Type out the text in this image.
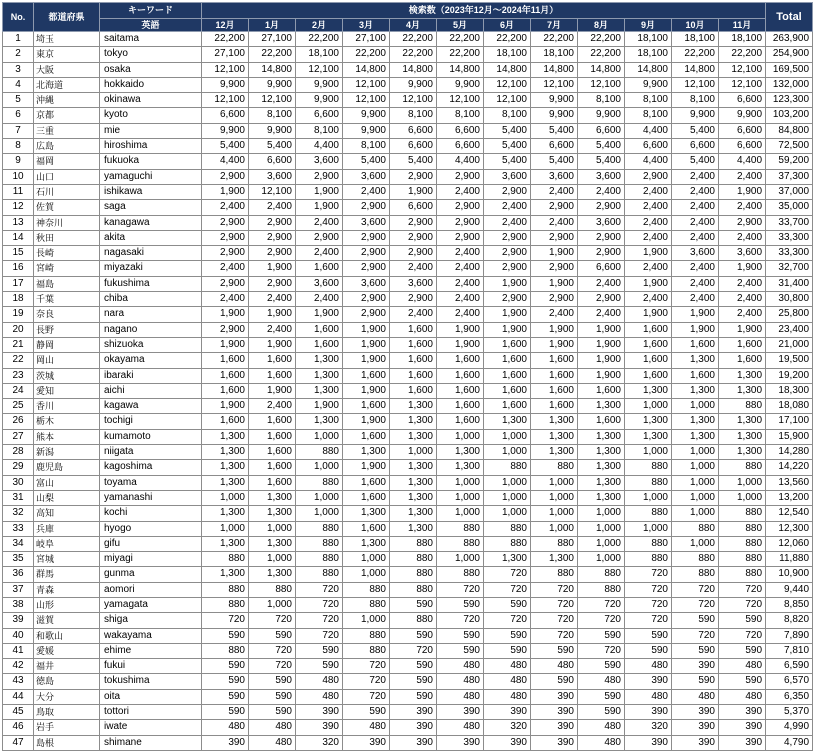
No.	都道府県	キーワード	検索数（2023年12月～2024年11月）												Total
		英語	12月	1月	2月	3月	4月	5月	6月	7月	8月	9月	10月	11月	
1	埼玉	saitama	22,200	27,100	22,200	27,100	22,200	22,200	22,200	22,200	22,200	18,100	18,100	18,100	263,900
2	東京	tokyo	27,100	22,200	18,100	22,200	22,200	22,200	18,100	18,100	22,200	18,100	22,200	22,200	254,900
3	大阪	osaka	12,100	14,800	12,100	14,800	14,800	14,800	14,800	14,800	14,800	14,800	14,800	12,100	169,500
4	北海道	hokkaido	9,900	9,900	9,900	12,100	9,900	9,900	12,100	12,100	12,100	9,900	12,100	12,100	132,000
5	沖縄	okinawa	12,100	12,100	9,900	12,100	12,100	12,100	12,100	9,900	8,100	8,100	8,100	6,600	123,300
6	京都	kyoto	6,600	8,100	6,600	9,900	8,100	8,100	8,100	9,900	9,900	8,100	9,900	9,900	103,200
7	三重	mie	9,900	9,900	8,100	9,900	6,600	6,600	5,400	5,400	6,600	4,400	5,400	6,600	84,800
8	広島	hiroshima	5,400	5,400	4,400	8,100	6,600	6,600	5,400	6,600	5,400	6,600	6,600	6,600	72,500
9	福岡	fukuoka	4,400	6,600	3,600	5,400	5,400	4,400	5,400	5,400	5,400	4,400	5,400	4,400	59,200
10	山口	yamaguchi	2,900	3,600	2,900	3,600	2,900	2,900	3,600	3,600	3,600	2,900	2,400	2,400	37,300
11	石川	ishikawa	1,900	12,100	1,900	2,400	1,900	2,400	2,900	2,400	2,400	2,400	2,400	1,900	37,000
12	佐賀	saga	2,400	2,400	1,900	2,900	6,600	2,900	2,400	2,900	2,900	2,400	2,400	2,400	35,000
13	神奈川	kanagawa	2,900	2,900	2,400	3,600	2,900	2,900	2,400	2,400	3,600	2,400	2,400	2,900	33,700
14	秋田	akita	2,900	2,900	2,900	2,900	2,900	2,900	2,900	2,900	2,900	2,400	2,400	2,400	33,300
15	長崎	nagasaki	2,900	2,900	2,400	2,900	2,900	2,400	2,900	1,900	2,900	1,900	3,600	3,600	33,300
16	宮崎	miyazaki	2,400	1,900	1,600	2,900	2,400	2,400	2,900	2,900	6,600	2,400	2,400	1,900	32,700
17	福島	fukushima	2,900	2,900	3,600	3,600	3,600	2,400	1,900	1,900	2,400	1,900	2,400	2,400	31,400
18	千葉	chiba	2,400	2,400	2,400	2,900	2,900	2,400	2,900	2,900	2,900	2,400	2,400	2,400	30,800
19	奈良	nara	1,900	1,900	1,900	2,900	2,400	2,400	1,900	2,400	2,400	1,900	1,900	2,400	25,800
20	長野	nagano	2,900	2,400	1,600	1,900	1,600	1,900	1,900	1,900	1,900	1,600	1,900	1,900	23,400
21	静岡	shizuoka	1,900	1,900	1,600	1,900	1,600	1,900	1,600	1,900	1,900	1,600	1,600	1,600	21,000
22	岡山	okayama	1,600	1,600	1,300	1,900	1,600	1,600	1,600	1,600	1,900	1,600	1,300	1,600	19,500
23	茨城	ibaraki	1,600	1,600	1,300	1,600	1,600	1,600	1,600	1,600	1,900	1,600	1,600	1,300	19,200
24	愛知	aichi	1,600	1,900	1,300	1,900	1,600	1,600	1,600	1,600	1,600	1,300	1,300	1,300	18,300
25	香川	kagawa	1,900	2,400	1,900	1,600	1,300	1,600	1,600	1,600	1,300	1,000	1,000	880	18,080
26	栃木	tochigi	1,600	1,600	1,300	1,900	1,300	1,600	1,300	1,300	1,600	1,300	1,300	1,300	17,100
27	熊本	kumamoto	1,300	1,600	1,000	1,600	1,300	1,000	1,000	1,300	1,300	1,300	1,300	1,300	15,900
28	新潟	niigata	1,300	1,600	880	1,300	1,000	1,300	1,000	1,300	1,300	1,000	1,000	1,300	14,280
29	鹿児島	kagoshima	1,300	1,600	1,000	1,900	1,300	1,300	880	880	1,300	880	1,000	880	14,220
30	富山	toyama	1,300	1,600	880	1,600	1,300	1,000	1,000	1,000	1,300	880	1,000	1,000	13,560
31	山梨	yamanashi	1,000	1,300	1,000	1,600	1,300	1,000	1,000	1,000	1,300	1,000	1,000	1,000	13,200
32	高知	kochi	1,300	1,300	1,000	1,300	1,300	1,000	1,000	1,000	1,000	880	1,000	880	12,540
33	兵庫	hyogo	1,000	1,000	880	1,600	1,300	880	880	1,000	1,000	1,000	880	880	12,300
34	岐阜	gifu	1,300	1,300	880	1,300	880	880	880	880	1,000	880	1,000	880	12,060
35	宮城	miyagi	880	1,000	880	1,000	880	1,000	1,300	1,300	1,000	880	880	880	11,880
36	群馬	gunma	1,300	1,300	880	1,000	880	880	720	880	880	720	880	880	10,900
37	青森	aomori	880	880	720	880	880	720	720	720	880	720	720	720	9,440
38	山形	yamagata	880	1,000	720	880	590	590	590	720	720	720	720	720	8,850
39	滋賀	shiga	720	720	720	1,000	880	720	720	720	720	720	590	590	8,820
40	和歌山	wakayama	590	590	720	880	590	590	590	720	590	590	720	720	7,890
41	愛媛	ehime	880	720	590	880	720	590	590	590	720	590	590	590	7,810
42	福井	fukui	590	720	590	720	590	480	480	480	590	480	390	480	6,590
43	徳島	tokushima	590	590	480	720	590	480	480	590	480	390	590	590	6,570
44	大分	oita	590	590	480	720	590	480	480	390	590	480	480	480	6,350
45	鳥取	tottori	590	590	390	590	390	390	390	390	590	390	390	390	5,370
46	岩手	iwate	480	480	390	480	390	480	320	390	480	320	390	390	4,990
47	島根	shimane	390	480	320	390	390	390	390	390	480	390	390	390	4,790
